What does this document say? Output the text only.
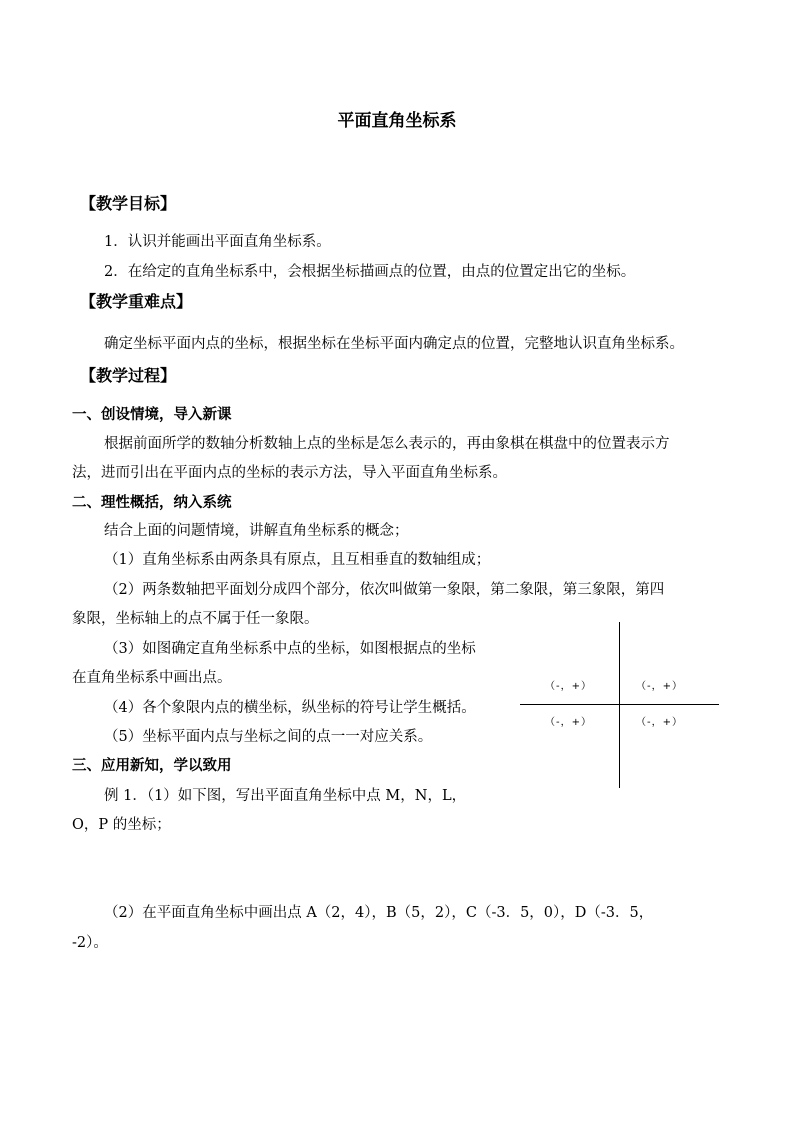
平面直角坐标系
【教学目标】
1．认识并能画出平面直角坐标系。
2．在给定的直角坐标系中，会根据坐标描画点的位置，由点的位置定出它的坐标。
【教学重难点】
确定坐标平面内点的坐标，根据坐标在坐标平面内确定点的位置，完整地认识直角坐标系。
【教学过程】
一、创设情境，导入新课
根据前面所学的数轴分析数轴上点的坐标是怎么表示的，再由象棋在棋盘中的位置表示方
法，进而引出在平面内点的坐标的表示方法，导入平面直角坐标系。
二、理性概括，纳入系统
结合上面的问题情境，讲解直角坐标系的概念；
（1）直角坐标系由两条具有原点，且互相垂直的数轴组成；
（2）两条数轴把平面划分成四个部分，依次叫做第一象限，第二象限，第三象限，第四
象限，坐标轴上的点不属于任一象限。
（3）如图确定直角坐标系中点的坐标，如图根据点的坐标
在直角坐标系中画出点。
（4）各个象限内点的横坐标，纵坐标的符号让学生概括。
（5）坐标平面内点与坐标之间的点一一对应关系。
三、应用新知，学以致用
例 1．（1）如下图，写出平面直角坐标中点 M，N，L，
O，P 的坐标；
（2）在平面直角坐标中画出点 A（2，4），B（5，2），C（-3．5，0），D（-3．5，
-2）。
（-，+）	（-，+）
（-，+）	（-，+）
